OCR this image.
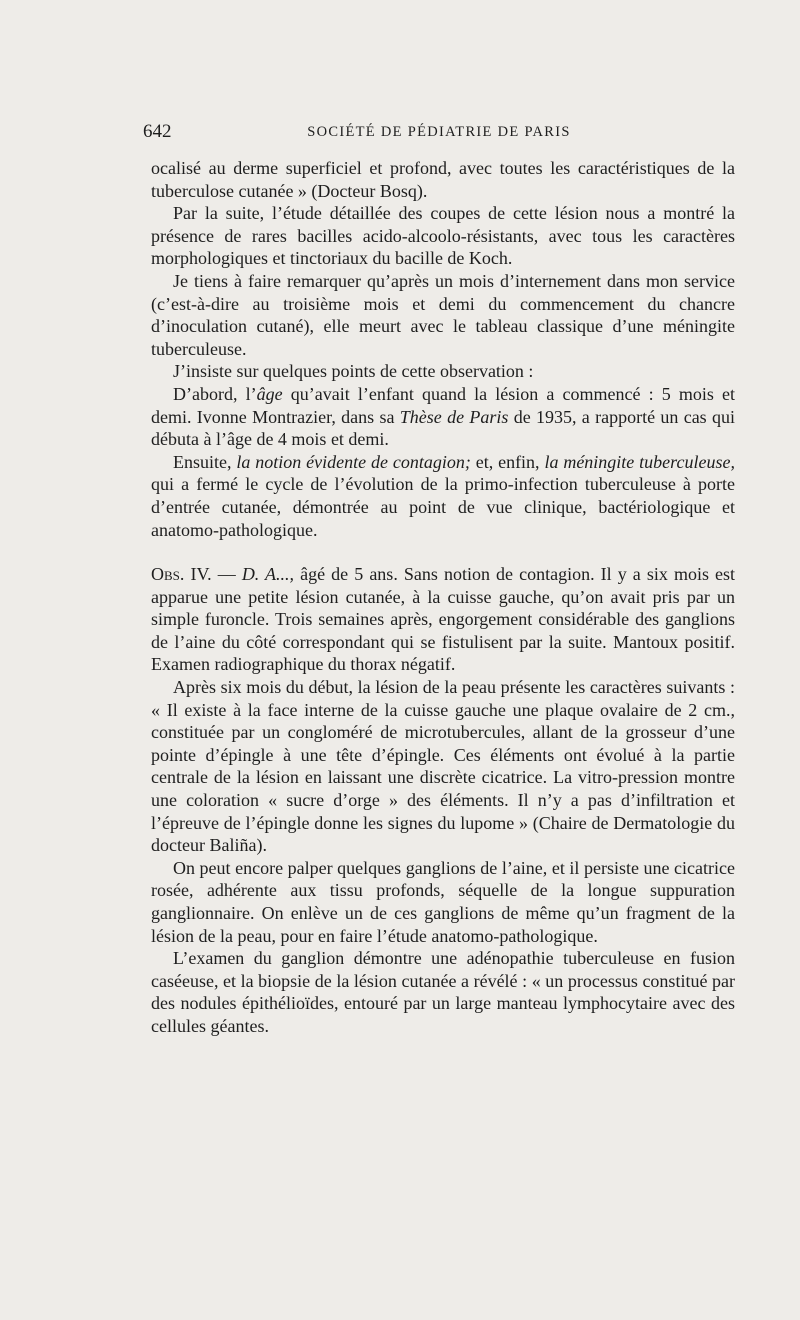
642	SOCIÉTÉ DE PÉDIATRIE DE PARIS

ocalisé au derme superficiel et profond, avec toutes les caractéristiques de la tuberculose cutanée » (Docteur Bosq).

Par la suite, l’étude détaillée des coupes de cette lésion nous a montré la présence de rares bacilles acido-alcoolo-résistants, avec tous les caractères morphologiques et tinctoriaux du bacille de Koch.

Je tiens à faire remarquer qu’après un mois d’internement dans mon service (c’est-à-dire au troisième mois et demi du commencement du chancre d’inoculation cutané), elle meurt avec le tableau classique d’une méningite tuberculeuse.

J’insiste sur quelques points de cette observation :

D’abord, l’âge qu’avait l’enfant quand la lésion a commencé : 5 mois et demi. Ivonne Montrazier, dans sa Thèse de Paris de 1935, a rapporté un cas qui débuta à l’âge de 4 mois et demi.

Ensuite, la notion évidente de contagion; et, enfin, la méningite tuberculeuse, qui a fermé le cycle de l’évolution de la primo-infection tuberculeuse à porte d’entrée cutanée, démontrée au point de vue clinique, bactériologique et anatomo-pathologique.

Obs. IV. — D. A..., âgé de 5 ans. Sans notion de contagion. Il y a six mois est apparue une petite lésion cutanée, à la cuisse gauche, qu’on avait pris par un simple furoncle. Trois semaines après, engorgement considérable des ganglions de l’aine du côté correspondant qui se fistulisent par la suite. Mantoux positif. Examen radiographique du thorax négatif.

Après six mois du début, la lésion de la peau présente les caractères suivants : « Il existe à la face interne de la cuisse gauche une plaque ovalaire de 2 cm., constituée par un congloméré de microtubercules, allant de la grosseur d’une pointe d’épingle à une tête d’épingle. Ces éléments ont évolué à la partie centrale de la lésion en laissant une discrète cicatrice. La vitro-pression montre une coloration « sucre d’orge » des éléments. Il n’y a pas d’infiltration et l’épreuve de l’épingle donne les signes du lupome » (Chaire de Dermatologie du docteur Baliña).

On peut encore palper quelques ganglions de l’aine, et il persiste une cicatrice rosée, adhérente aux tissu profonds, séquelle de la longue suppuration ganglionnaire. On enlève un de ces ganglions de même qu’un fragment de la lésion de la peau, pour en faire l’étude anatomo-pathologique.

L’examen du ganglion démontre une adénopathie tuberculeuse en fusion caséeuse, et la biopsie de la lésion cutanée a révélé : « un processus constitué par des nodules épithélioïdes, entouré par un large manteau lymphocytaire avec des cellules géantes.
